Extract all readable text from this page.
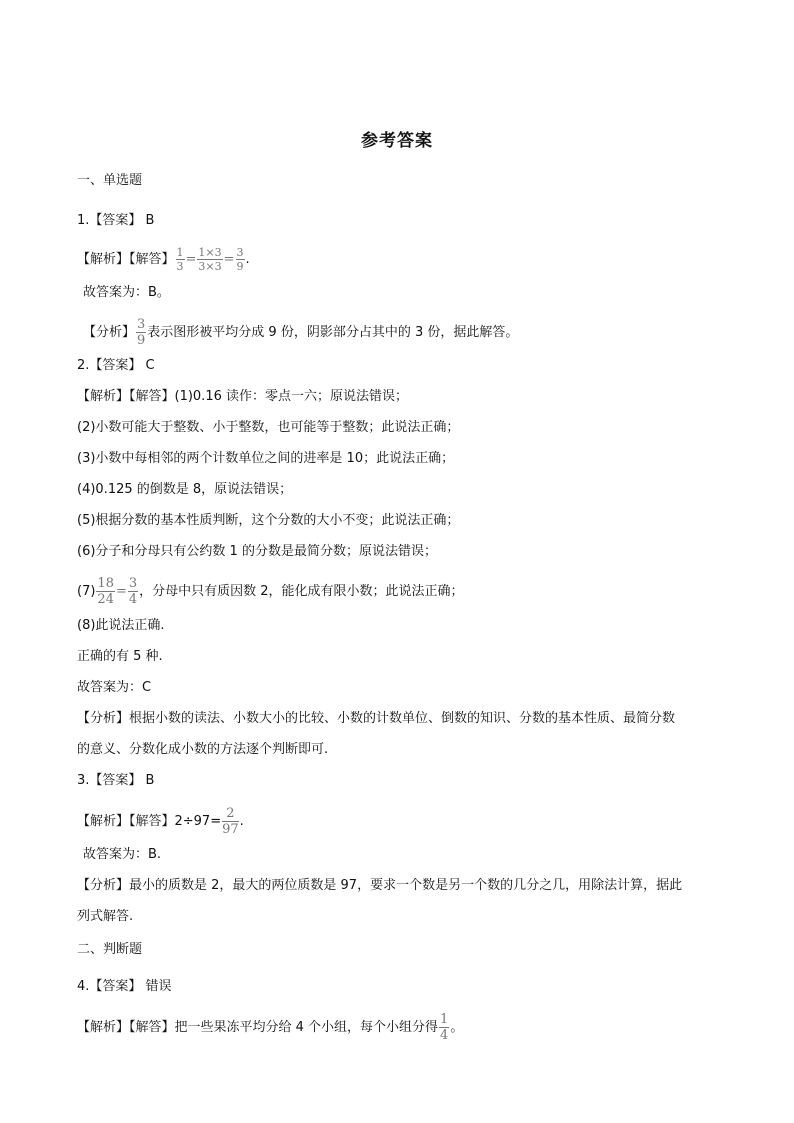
参考答案
一、单选题
1.【答案】 B
【解析】【解答】 $\frac{1}{3} = \frac{1\times 3}{3\times 3} = \frac{3}{9}$ .
故答案为：B。
【分析】 $\frac{3}{9}$ 表示图形被平均分成 9 份，阴影部分占其中的 3 份，据此解答。
2.【答案】 C
【解析】【解答】(1)0.16 读作：零点一六；原说法错误；
(2)小数可能大于整数、小于整数，也可能等于整数；此说法正确；
(3)小数中每相邻的两个计数单位之间的进率是 10；此说法正确；
(4)0.125 的倒数是 8，原说法错误；
(5)根据分数的基本性质判断，这个分数的大小不变；此说法正确；
(6)分子和分母只有公约数 1 的分数是最简分数；原说法错误；
$(7) \frac{18}{24} = \frac{3}{4}$ ，分母中只有质因数 2，能化成有限小数；此说法正确；
(8)此说法正确.
正确的有 5 种.
故答案为：C
【分析】根据小数的读法、小数大小的比较、小数的计数单位、倒数的知识、分数的基本性质、最简分数
的意义、分数化成小数的方法逐个判断即可.
3.【答案】 B
【解析】【解答】$2\div 97= \frac{2}{97}$ .
故答案为：B.
【分析】最小的质数是 2，最大的两位质数是 97，要求一个数是另一个数的几分之几，用除法计算，据此
列式解答.
二、判断题
4.【答案】 错误
【解析】【解答】把一些果冻平均分给 4 个小组，每个小组分得 $\frac{1}{4}$ 。
